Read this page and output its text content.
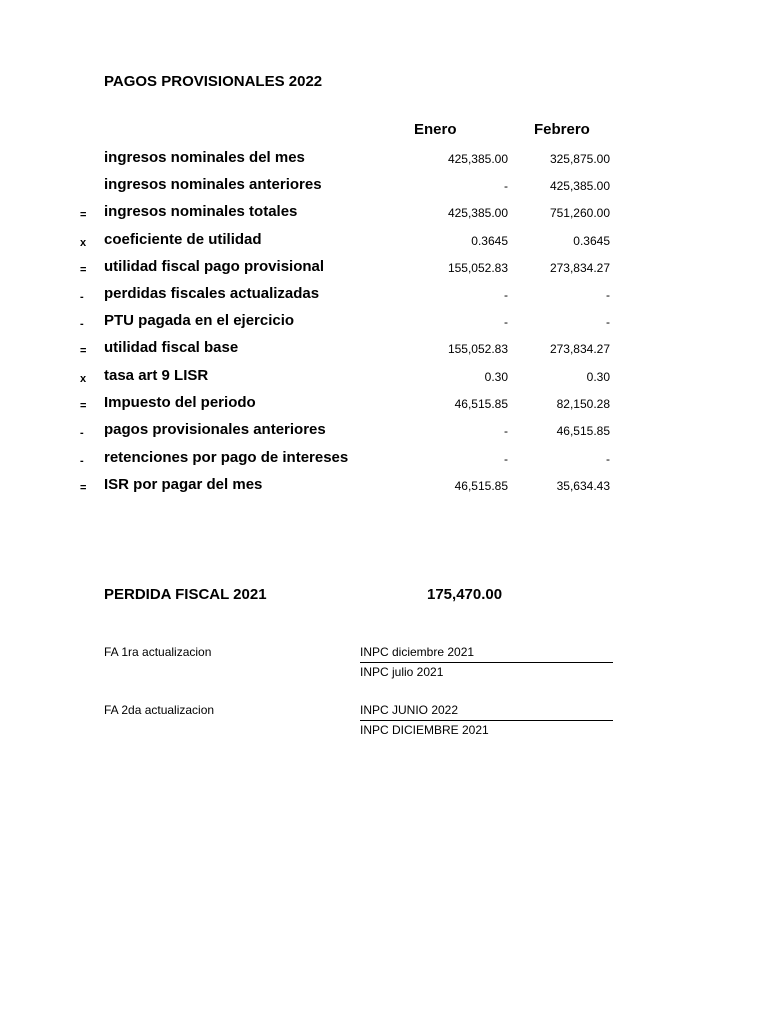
PAGOS PROVISIONALES 2022
Enero	Febrero
ingresos nominales del mes	425,385.00	325,875.00
ingresos nominales anteriores	-	425,385.00
=	ingresos nominales totales	425,385.00	751,260.00
x	coeficiente de utilidad	0.3645	0.3645
=	utilidad fiscal pago provisional	155,052.83	273,834.27
-	perdidas fiscales actualizadas	-	-
-	PTU pagada en el ejercicio	-	-
=	utilidad fiscal base	155,052.83	273,834.27
x	tasa art 9 LISR	0.30	0.30
=	Impuesto del periodo	46,515.85	82,150.28
-	pagos provisionales anteriores	-	46,515.85
-	retenciones por pago de intereses	-	-
=	ISR por pagar del mes	46,515.85	35,634.43
PERDIDA FISCAL 2021	175,470.00
FA 1ra actualizacion	INPC diciembre 2021
INPC julio 2021
FA 2da actualizacion	INPC JUNIO 2022
INPC DICIEMBRE 2021
